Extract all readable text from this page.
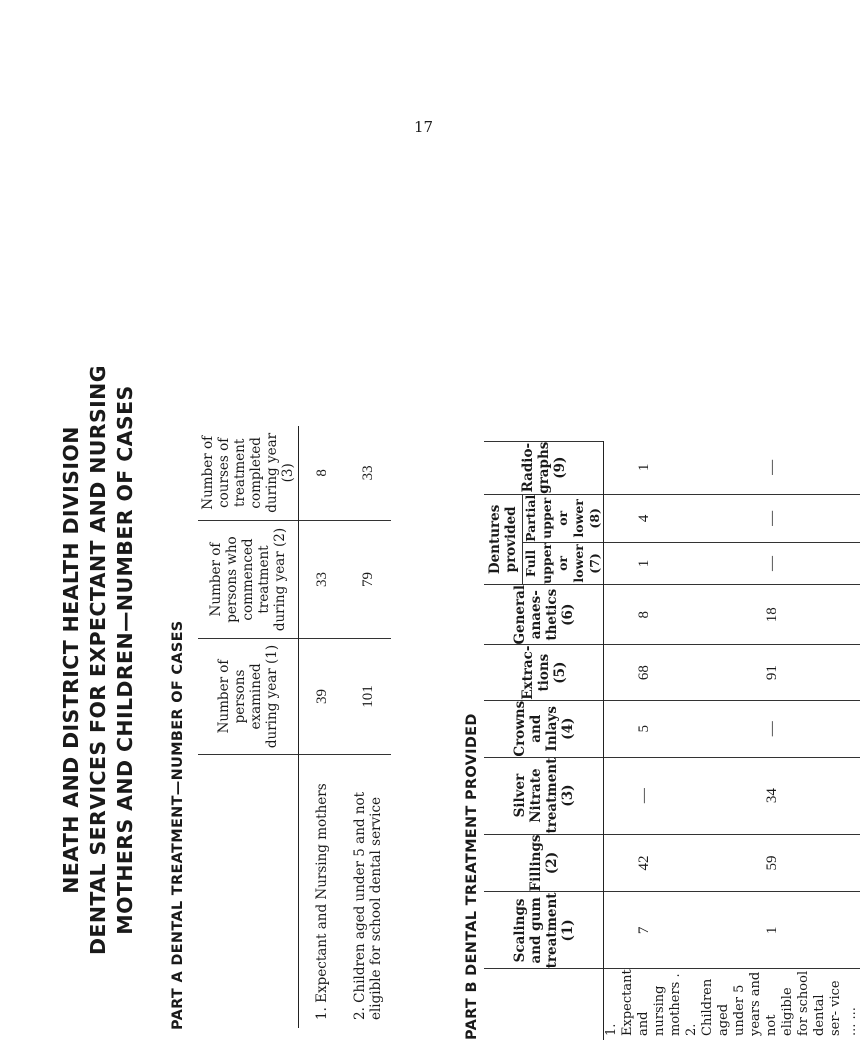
17
NEATH AND DISTRICT HEALTH DIVISION DENTAL SERVICES FOR EXPECTANT AND NURSING MOTHERS AND CHILDREN—NUMBER OF CASES PART A DENTAL TREATMENT—NUMBER OF CASES
	Number of persons examined during year (1)	Number of persons who commenced treatment during year (2)	Number of courses of treatment completed during year (3)
1. Expectant and Nursing mothers	39	33	8
2. Children aged under 5 and not eligible for school dental service	101	79	33
PART B DENTAL TREATMENT PROVIDED
	Scalings and gum treatment (1)	Fillings (2)	Silver Nitrate treatment (3)	Crowns and Inlays (4)	Extrac- tions (5)	General anaes- thetics (6)	Dentures provided		Radio- graphs (9)
							Full upper or lower (7)	Partial upper or lower (8)	
1. Expectant and nursing mothers .	7	42	—	5	68	8	1	4	1
2. Children aged under 5 years and not eligible for school dental ser- vice ... ...	1	59	34	—	91	18	—	—	—
